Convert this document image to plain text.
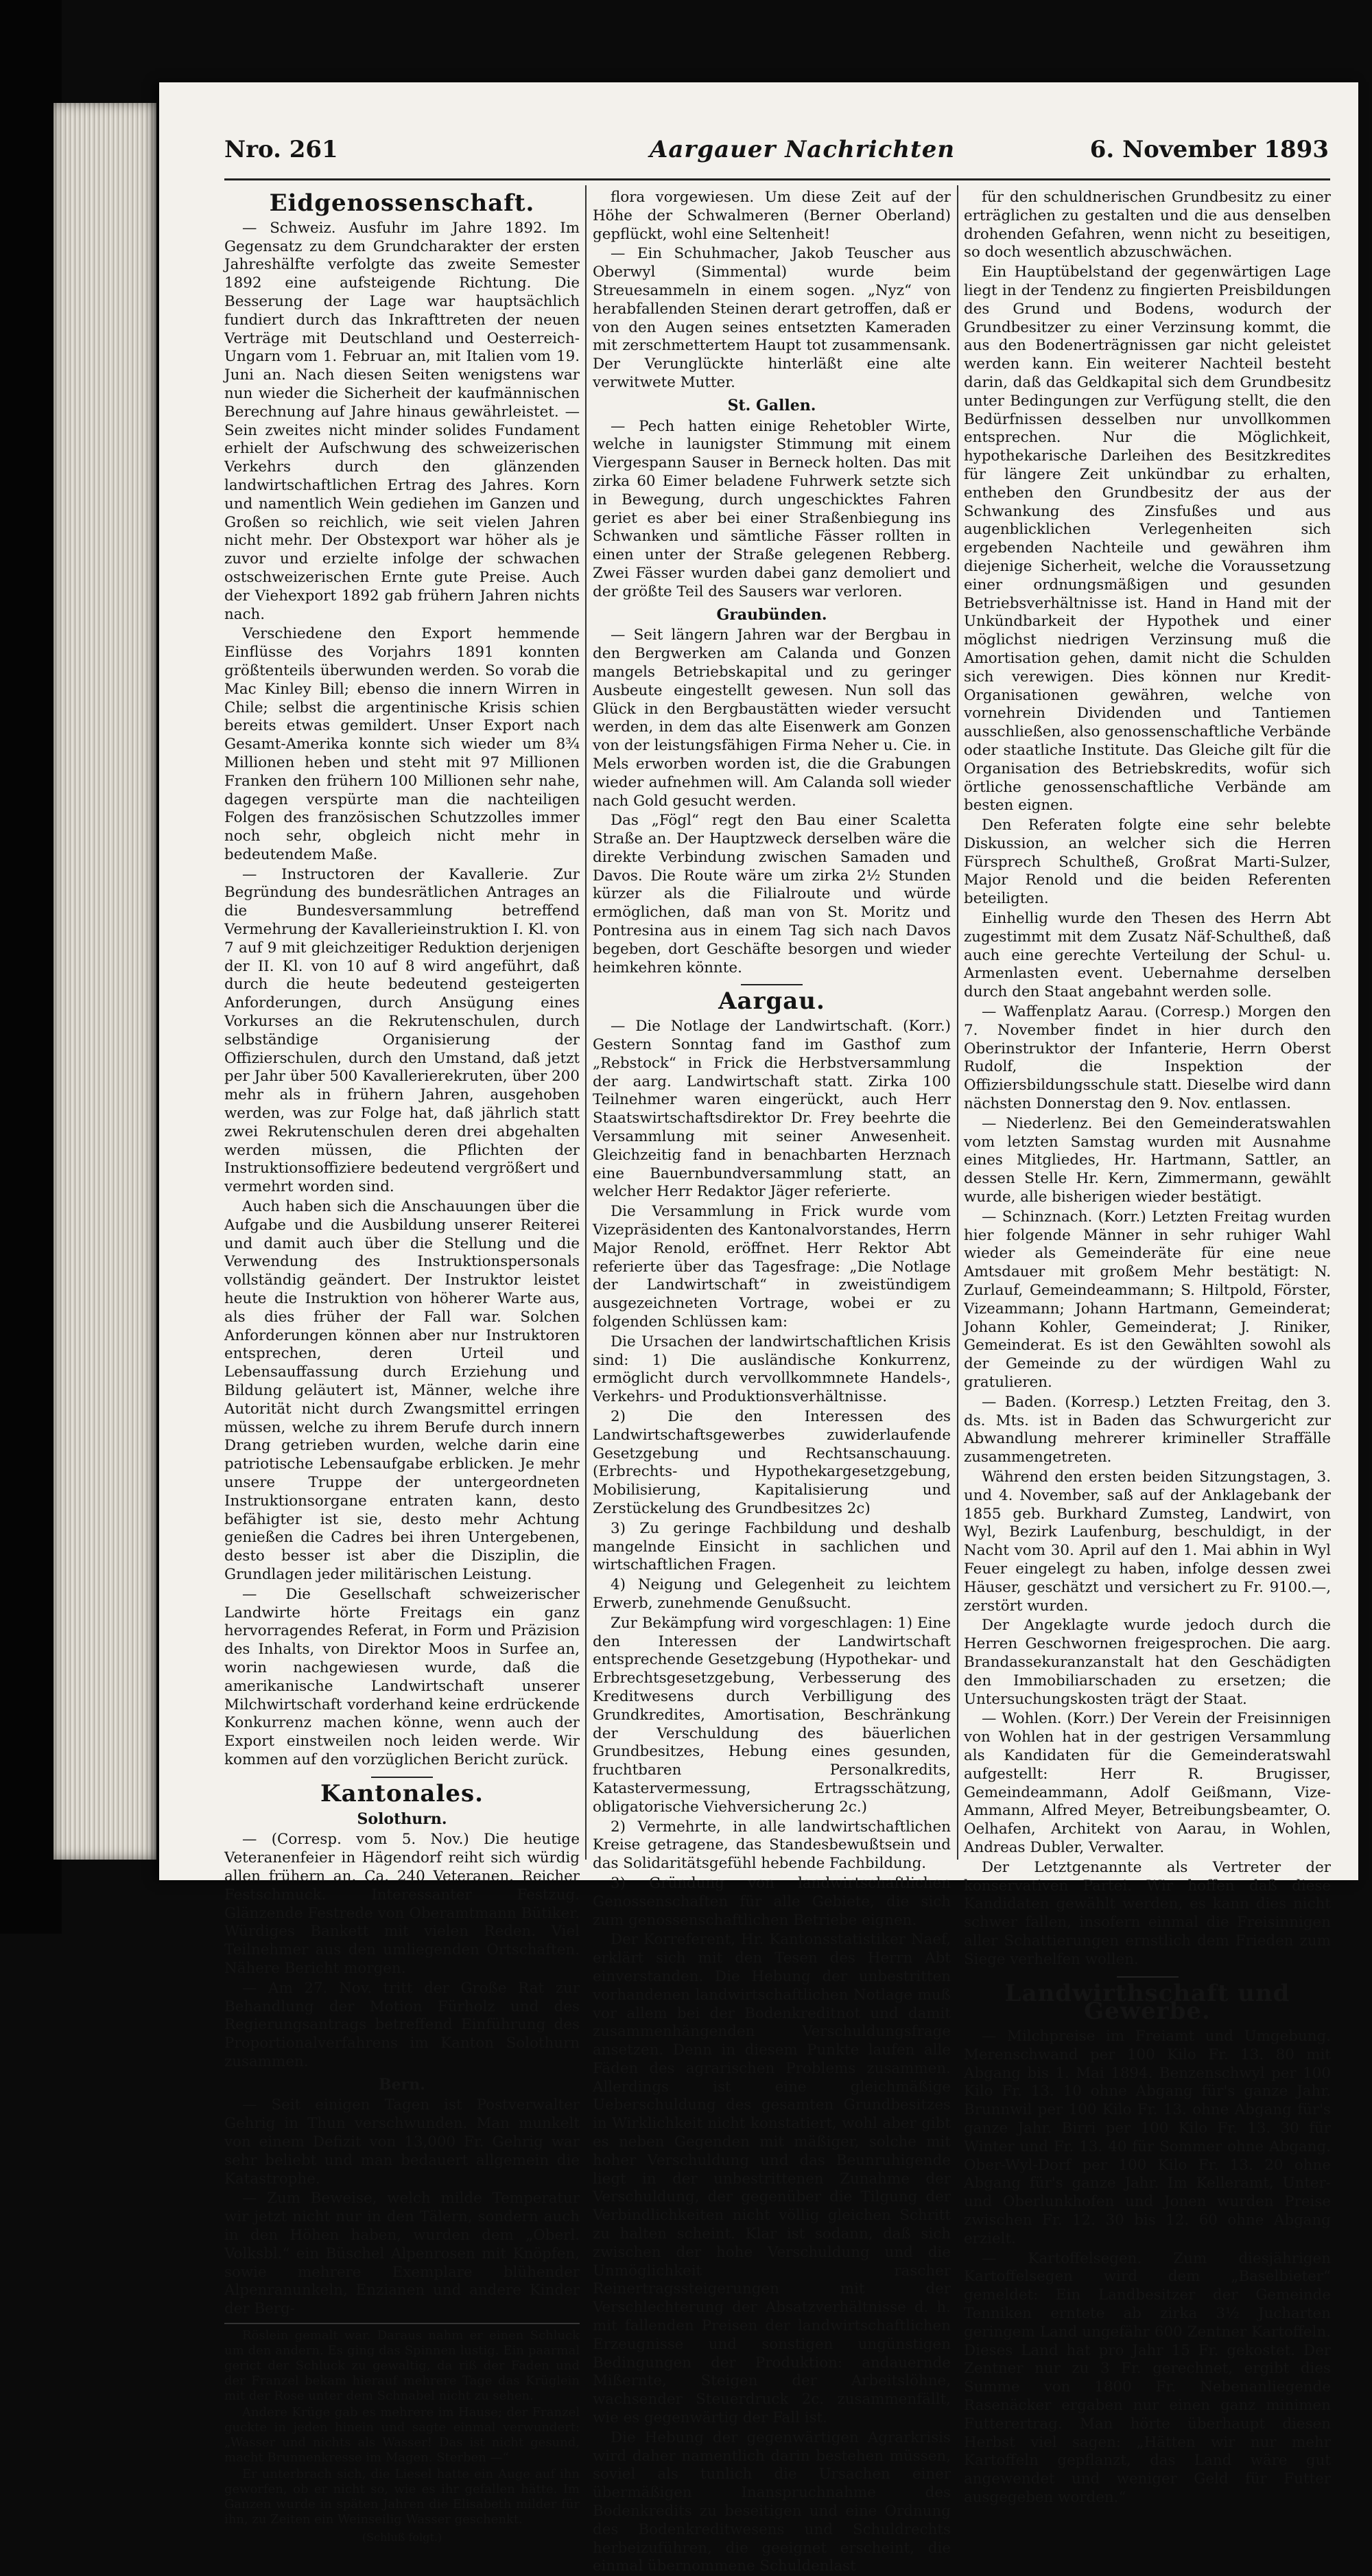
Nro. 261	Aargauer Nachrichten	6. November 1893
Eidgenossenschaft.

— Schweiz. Ausfuhr im Jahre 1892. Im Gegensatz zu dem Grundcharakter der ersten Jahreshälfte verfolgte das zweite Semester 1892 eine aufsteigende Richtung. Die Besserung der Lage war hauptsächlich fundiert durch das Inkrafttreten der neuen Verträge mit Deutschland und Oesterreich-Ungarn vom 1. Februar an, mit Italien vom 19. Juni an. Nach diesen Seiten wenigstens war nun wieder die Sicherheit der kaufmännischen Berechnung auf Jahre hinaus gewährleistet. — Sein zweites nicht minder solides Fundament erhielt der Aufschwung des schweizerischen Verkehrs durch den glänzenden landwirtschaftlichen Ertrag des Jahres. Korn und namentlich Wein gediehen im Ganzen und Großen so reichlich, wie seit vielen Jahren nicht mehr. Der Obstexport war höher als je zuvor und erzielte infolge der schwachen ostschweizerischen Ernte gute Preise. Auch der Viehexport 1892 gab frühern Jahren nichts nach.

Verschiedene den Export hemmende Einflüsse des Vorjahrs 1891 konnten größtenteils überwunden werden. So vorab die Mac Kinley Bill; ebenso die innern Wirren in Chile; selbst die argentinische Krisis schien bereits etwas gemildert. Unser Export nach Gesamt-Amerika konnte sich wieder um 8¾ Millionen heben und steht mit 97 Millionen Franken den frühern 100 Millionen sehr nahe, dagegen verspürte man die nachteiligen Folgen des französischen Schutzzolles immer noch sehr, obgleich nicht mehr in bedeutendem Maße.

— Instructoren der Kavallerie. Zur Begründung des bundesrätlichen Antrages an die Bundesversammlung betreffend Vermehrung der Kavallerieinstruktion I. Kl. von 7 auf 9 mit gleichzeitiger Reduktion derjenigen der II. Kl. von 10 auf 8 wird angeführt, daß durch die heute bedeutend gesteigerten Anforderungen, durch Ansügung eines Vorkurses an die Rekrutenschulen, durch selbständige Organisierung der Offizierschulen, durch den Umstand, daß jetzt per Jahr über 500 Kavallerierekruten, über 200 mehr als in frühern Jahren, ausgehoben werden, was zur Folge hat, daß jährlich statt zwei Rekrutenschulen deren drei abgehalten werden müssen, die Pflichten der Instruktionsoffiziere bedeutend vergrößert und vermehrt worden sind.

Auch haben sich die Anschauungen über die Aufgabe und die Ausbildung unserer Reiterei und damit auch über die Stellung und die Verwendung des Instruktionspersonals vollständig geändert. Der Instruktor leistet heute die Instruktion von höherer Warte aus, als dies früher der Fall war. Solchen Anforderungen können aber nur Instruktoren entsprechen, deren Urteil und Lebensauffassung durch Erziehung und Bildung geläutert ist, Männer, welche ihre Autorität nicht durch Zwangsmittel erringen müssen, welche zu ihrem Berufe durch innern Drang getrieben wurden, welche darin eine patriotische Lebensaufgabe erblicken. Je mehr unsere Truppe der untergeordneten Instruktionsorgane entraten kann, desto befähigter ist sie, desto mehr Achtung genießen die Cadres bei ihren Untergebenen, desto besser ist aber die Disziplin, die Grundlagen jeder militärischen Leistung.

— Die Gesellschaft schweizerischer Landwirte hörte Freitags ein ganz hervorragendes Referat, in Form und Präzision des Inhalts, von Direktor Moos in Surfee an, worin nachgewiesen wurde, daß die amerikanische Landwirtschaft unserer Milchwirtschaft vorderhand keine erdrückende Konkurrenz machen könne, wenn auch der Export einstweilen noch leiden werde. Wir kommen auf den vorzüglichen Bericht zurück.

Kantonales.
Solothurn.

— (Corresp. vom 5. Nov.) Die heutige Veteranenfeier in Hägendorf reiht sich würdig allen frühern an. Ca. 240 Veteranen. Reicher Festschmuck. Interessanter Festzug. Glänzende Festrede von Oberamtmann Bütiker. Würdiges Bankett mit vielen Reden. Viel Teilnehmer aus den umliegenden Ortschaften. Nähere Bericht morgen.

— Am 27. Nov. tritt der Große Rat zur Behandlung der Motion Fürholz und des Regierungsantrags betreffend Einführung des Proportionalverfahrens im Kanton Solothurn zusammen.

Bern.

— Seit einigen Tagen ist Postverwalter Gehrig in Thun verschwunden. Man munkelt von einem Defizit von 13,000 Fr. Gehrig war sehr beliebt und man bedauert allgemein die Katastrophe.

— Zum Beweise, welch milde Temperatur wir jetzt nicht nur in den Tälern, sondern auch in den Höhen haben, wurden dem „Oberl. Volksbl.“ ein Büschel Alpenrosen mit Knöpfen, sowie mehrere Exemplare blühender Alpenranunkeln, Enzianen und andere Kinder der Berg-

Röslein gemalt war. Daraus nahm er einen Schluck um den andern. Es ging das Spinnen lustig. Ein paarmal gerict der Schluck zu gewaltig, da riß der Faden und der Franzel bekam hierauf mehrere Tage das Krüglein mit der Rose unter dem Schnabel nicht zu sehen.

Andere Krüge gab es mehrere im Hause; der Franzel guckte in jeden hinein und sagte einmal verwundert: „Wasser und nichts als Wasser! Das ist nicht gesund, macht Brunnenkresse im Magen. Sterben —“

Er unterbrach sich, die Liesel hatte ein Auge auf ihn geworfen, ob er nicht so, wie es ihr gefallen hätte. Im Ganzen wurde in späten Jahren die Elisabeth milder für ihn, zu Zeiten ein Weinseilig Wasser geschenkt.

(Schluß folgt.)

flora vorgewiesen. Um diese Zeit auf der Höhe der Schwalmeren (Berner Oberland) gepflückt, wohl eine Seltenheit!

— Ein Schuhmacher, Jakob Teuscher aus Oberwyl (Simmental) wurde beim Streuesammeln in einem sogen. „Nyz“ von herabfallenden Steinen derart getroffen, daß er von den Augen seines entsetzten Kameraden mit zerschmettertem Haupt tot zusammensank. Der Verunglückte hinterläßt eine alte verwitwete Mutter.

St. Gallen.

— Pech hatten einige Rehetobler Wirte, welche in launigster Stimmung mit einem Viergespann Sauser in Berneck holten. Das mit zirka 60 Eimer beladene Fuhrwerk setzte sich in Bewegung, durch ungeschicktes Fahren geriet es aber bei einer Straßenbiegung ins Schwanken und sämtliche Fässer rollten in einen unter der Straße gelegenen Rebberg. Zwei Fässer wurden dabei ganz demoliert und der größte Teil des Sausers war verloren.

Graubünden.

— Seit längern Jahren war der Bergbau in den Bergwerken am Calanda und Gonzen mangels Betriebskapital und zu geringer Ausbeute eingestellt gewesen. Nun soll das Glück in den Bergbaustätten wieder versucht werden, in dem das alte Eisenwerk am Gonzen von der leistungsfähigen Firma Neher u. Cie. in Mels erworben worden ist, die die Grabungen wieder aufnehmen will. Am Calanda soll wieder nach Gold gesucht werden.

Das „Fögl“ regt den Bau einer Scaletta Straße an. Der Hauptzweck derselben wäre die direkte Verbindung zwischen Samaden und Davos. Die Route wäre um zirka 2½ Stunden kürzer als die Filialroute und würde ermöglichen, daß man von St. Moritz und Pontresina aus in einem Tag sich nach Davos begeben, dort Geschäfte besorgen und wieder heimkehren könnte.

Aargau.

— Die Notlage der Landwirtschaft. (Korr.) Gestern Sonntag fand im Gasthof zum „Rebstock“ in Frick die Herbstversammlung der aarg. Landwirtschaft statt. Zirka 100 Teilnehmer waren eingerückt, auch Herr Staatswirtschaftsdirektor Dr. Frey beehrte die Versammlung mit seiner Anwesenheit. Gleichzeitig fand in benachbarten Herznach eine Bauernbundversammlung statt, an welcher Herr Redaktor Jäger referierte.

Die Versammlung in Frick wurde vom Vizepräsidenten des Kantonalvorstandes, Herrn Major Renold, eröffnet. Herr Rektor Abt referierte über das Tagesfrage: „Die Notlage der Landwirtschaft“ in zweistündigem ausgezeichneten Vortrage, wobei er zu folgenden Schlüssen kam:

Die Ursachen der landwirtschaftlichen Krisis sind: 1) Die ausländische Konkurrenz, ermöglicht durch vervollkommnete Handels-, Verkehrs- und Produktionsverhältnisse.

2) Die den Interessen des Landwirtschaftsgewerbes zuwiderlaufende Gesetzgebung und Rechtsanschauung. (Erbrechts- und Hypothekargesetzgebung, Mobilisierung, Kapitalisierung und Zerstückelung des Grundbesitzes 2c)

3) Zu geringe Fachbildung und deshalb mangelnde Einsicht in sachlichen und wirtschaftlichen Fragen.

4) Neigung und Gelegenheit zu leichtem Erwerb, zunehmende Genußsucht.

Zur Bekämpfung wird vorgeschlagen: 1) Eine den Interessen der Landwirtschaft entsprechende Gesetzgebung (Hypothekar- und Erbrechtsgesetzgebung, Verbesserung des Kreditwesens durch Verbilligung des Grundkredites, Amortisation, Beschränkung der Verschuldung des bäuerlichen Grundbesitzes, Hebung eines gesunden, fruchtbaren Personalkredits, Katastervermessung, Ertragsschätzung, obligatorische Viehversicherung 2c.)

2) Vermehrte, in alle landwirtschaftlichen Kreise getragene, das Standesbewußtsein und das Solidaritätsgefühl hebende Fachbildung.

3) Gründung von landwirtschaftlichen Genossenschaften für alle Gebiete, die sich zum genossenschaftlichen Betriebe eignen.

Der Korreferent, Hr. Kantonsstatistiker Naef, erklärt sich mit den Tesen des Herrn Abt einverstanden. Die Hebung der unbestritten vorhandenen landwirtschaftlichen Notlage muß vor allem bei der Bodenkreditnot und damit zusammenhängenden Verschuldungsfrage ansetzen. Denn in diesem Punkte laufen alle Fäden des agrarischen Problems zusammen. Allerdings ist eine gleichmäßige Ueberschuldung des gesamten Grundbesitzes in Wirklichkeit nicht konstatiert, wohl aber gibt es neben Gegenden mit mäßiger, solche mit hoher Verschuldung und das Beunruhigende liegt in der unbestrittenen Zunahme der Verschuldung, der gegenüber die Tilgung der Verbindlichkeiten nicht völlig gleichen Schritt zu halten scheint. Klar ist sodann, daß sich zwischen der hohe Verschuldung und die Unmöglichkeit rascher Reinertragssteigerungen mit der Verschlechterung der Absatzverhältnisse d. h. mit fallenden Preisen der landwirtschaftlichen Erzeugnisse und sonstigen ungünstigen Bedingungen der Produktion: andauernde Mißernte, Steigen der Arbeitslöhne, wachsender Steuerdruck 2c. zusammenfällt, wie es gegenwärtig der Fall ist.

Die Hebung der gegenwärtigen Agrarkrisis wird daher namentlich darin bestehen müssen, soviel als tunlich die Ursachen einer übermäßigen Inanspruchnahme des Bodenkredits zu beseitigen und eine Ordnung des Bodenkreditwesens und Schuldrechts herbeizuführen, die geeignet erscheint, die einmal übernommene Schuldenlast

für den schuldnerischen Grundbesitz zu einer erträglichen zu gestalten und die aus denselben drohenden Gefahren, wenn nicht zu beseitigen, so doch wesentlich abzuschwächen.

Ein Hauptübelstand der gegenwärtigen Lage liegt in der Tendenz zu fingierten Preisbildungen des Grund und Bodens, wodurch der Grundbesitzer zu einer Verzinsung kommt, die aus den Bodenerträgnissen gar nicht geleistet werden kann. Ein weiterer Nachteil besteht darin, daß das Geldkapital sich dem Grundbesitz unter Bedingungen zur Verfügung stellt, die den Bedürfnissen desselben nur unvollkommen entsprechen. Nur die Möglichkeit, hypothekarische Darleihen des Besitzkredites für längere Zeit unkündbar zu erhalten, entheben den Grundbesitz der aus der Schwankung des Zinsfußes und aus augenblicklichen Verlegenheiten sich ergebenden Nachteile und gewähren ihm diejenige Sicherheit, welche die Voraussetzung einer ordnungsmäßigen und gesunden Betriebsverhältnisse ist. Hand in Hand mit der Unkündbarkeit der Hypothek und einer möglichst niedrigen Verzinsung muß die Amortisation gehen, damit nicht die Schulden sich verewigen. Dies können nur Kredit-Organisationen gewähren, welche von vornehrein Dividenden und Tantiemen ausschließen, also genossenschaftliche Verbände oder staatliche Institute. Das Gleiche gilt für die Organisation des Betriebskredits, wofür sich örtliche genossenschaftliche Verbände am besten eignen.

Den Referaten folgte eine sehr belebte Diskussion, an welcher sich die Herren Fürsprech Schultheß, Großrat Marti-Sulzer, Major Renold und die beiden Referenten beteiligten.

Einhellig wurde den Thesen des Herrn Abt zugestimmt mit dem Zusatz Näf-Schultheß, daß auch eine gerechte Verteilung der Schul- u. Armenlasten event. Uebernahme derselben durch den Staat angebahnt werden solle.

— Waffenplatz Aarau. (Corresp.) Morgen den 7. November findet in hier durch den Oberinstruktor der Infanterie, Herrn Oberst Rudolf, die Inspektion der Offiziersbildungsschule statt. Dieselbe wird dann nächsten Donnerstag den 9. Nov. entlassen.

— Niederlenz. Bei den Gemeinderatswahlen vom letzten Samstag wurden mit Ausnahme eines Mitgliedes, Hr. Hartmann, Sattler, an dessen Stelle Hr. Kern, Zimmermann, gewählt wurde, alle bisherigen wieder bestätigt.

— Schinznach. (Korr.) Letzten Freitag wurden hier folgende Männer in sehr ruhiger Wahl wieder als Gemeinderäte für eine neue Amtsdauer mit großem Mehr bestätigt: N. Zurlauf, Gemeindeammann; S. Hiltpold, Förster, Vizeammann; Johann Hartmann, Gemeinderat; Johann Kohler, Gemeinderat; J. Riniker, Gemeinderat. Es ist den Gewählten sowohl als der Gemeinde zu der würdigen Wahl zu gratulieren.

— Baden. (Korresp.) Letzten Freitag, den 3. ds. Mts. ist in Baden das Schwurgericht zur Abwandlung mehrerer krimineller Straffälle zusammengetreten.

Während den ersten beiden Sitzungstagen, 3. und 4. November, saß auf der Anklagebank der 1855 geb. Burkhard Zumsteg, Landwirt, von Wyl, Bezirk Laufenburg, beschuldigt, in der Nacht vom 30. April auf den 1. Mai abhin in Wyl Feuer eingelegt zu haben, infolge dessen zwei Häuser, geschätzt und versichert zu Fr. 9100.—, zerstört wurden.

Der Angeklagte wurde jedoch durch die Herren Geschwornen freigesprochen. Die aarg. Brandassekuranzanstalt hat den Geschädigten den Immobiliarschaden zu ersetzen; die Untersuchungskosten trägt der Staat.

— Wohlen. (Korr.) Der Verein der Freisinnigen von Wohlen hat in der gestrigen Versammlung als Kandidaten für die Gemeinderatswahl aufgestellt: Herr R. Brugisser, Gemeindeammann, Adolf Geißmann, Vize-Ammann, Alfred Meyer, Betreibungsbeamter, O. Oelhafen, Architekt von Aarau, in Wohlen, Andreas Dubler, Verwalter.

Der Letztgenannte als Vertreter der konservativen Partei. Wir hoffen daß diese Kandidaten gewählt werden, es kann dies nicht schwer fallen, insofern einmal die Freisinnigen aller Schattierungen ernstlich dem Frieden zum Siege verhelfen wollen.

Landwirthschaft und Gewerbe.

— Milchpreise im Freiamt und Umgebung. Merenschwand per 100 Kilo Fr. 13. 80 mit Abgang bis 1. Mai 1894. Benzenschwyl per 100 Kilo Fr. 13. 10 ohne Abgang für's ganze Jahr. Brunnwil per 100 Kilo Fr. 13. ohne Abgang für's ganze Jahr. Birri per 100 Kilo Fr. 13. 30 für Winter und Fr. 13. 40 für Sommer ohne Abgang. Ober-Wyl-Dorf per 100 Kilo Fr. 13. 20 ohne Abgang für's ganze Jahr. Im Kelleramt, Unter- und Oberlunkhofen und Jonen wurden Preise zwischen Fr. 12. 30 bis 12. 60 ohne Abgang erzielt.

— Kartoffelsegen. Zum diesjährigen Kartoffelsegen wird dem „Baselbieter“ gemeldet: Ein Landbesitzer der Gemeinde Tenniken erntete ab zirka 3½ Jucharten geringem Land ungefähr 600 Zentner Kartoffeln. Dieses Land hat pro Jahr 15 Fr. gekostet. Der Zentner nur zu 3 Fr. gerechnet, ergibt dies Summe von 1800 Fr. Nebenanliegende Rasenäcker ergaben nur einen ganz minimen Futterertrag. Man hörte überhaupt diesen Herbst viel sagen: „Hätten wir nur mehr Kartoffeln gepflanzt, das Land wäre gut angewendet und weniger Geld für Futter ausgegeben worden.“
